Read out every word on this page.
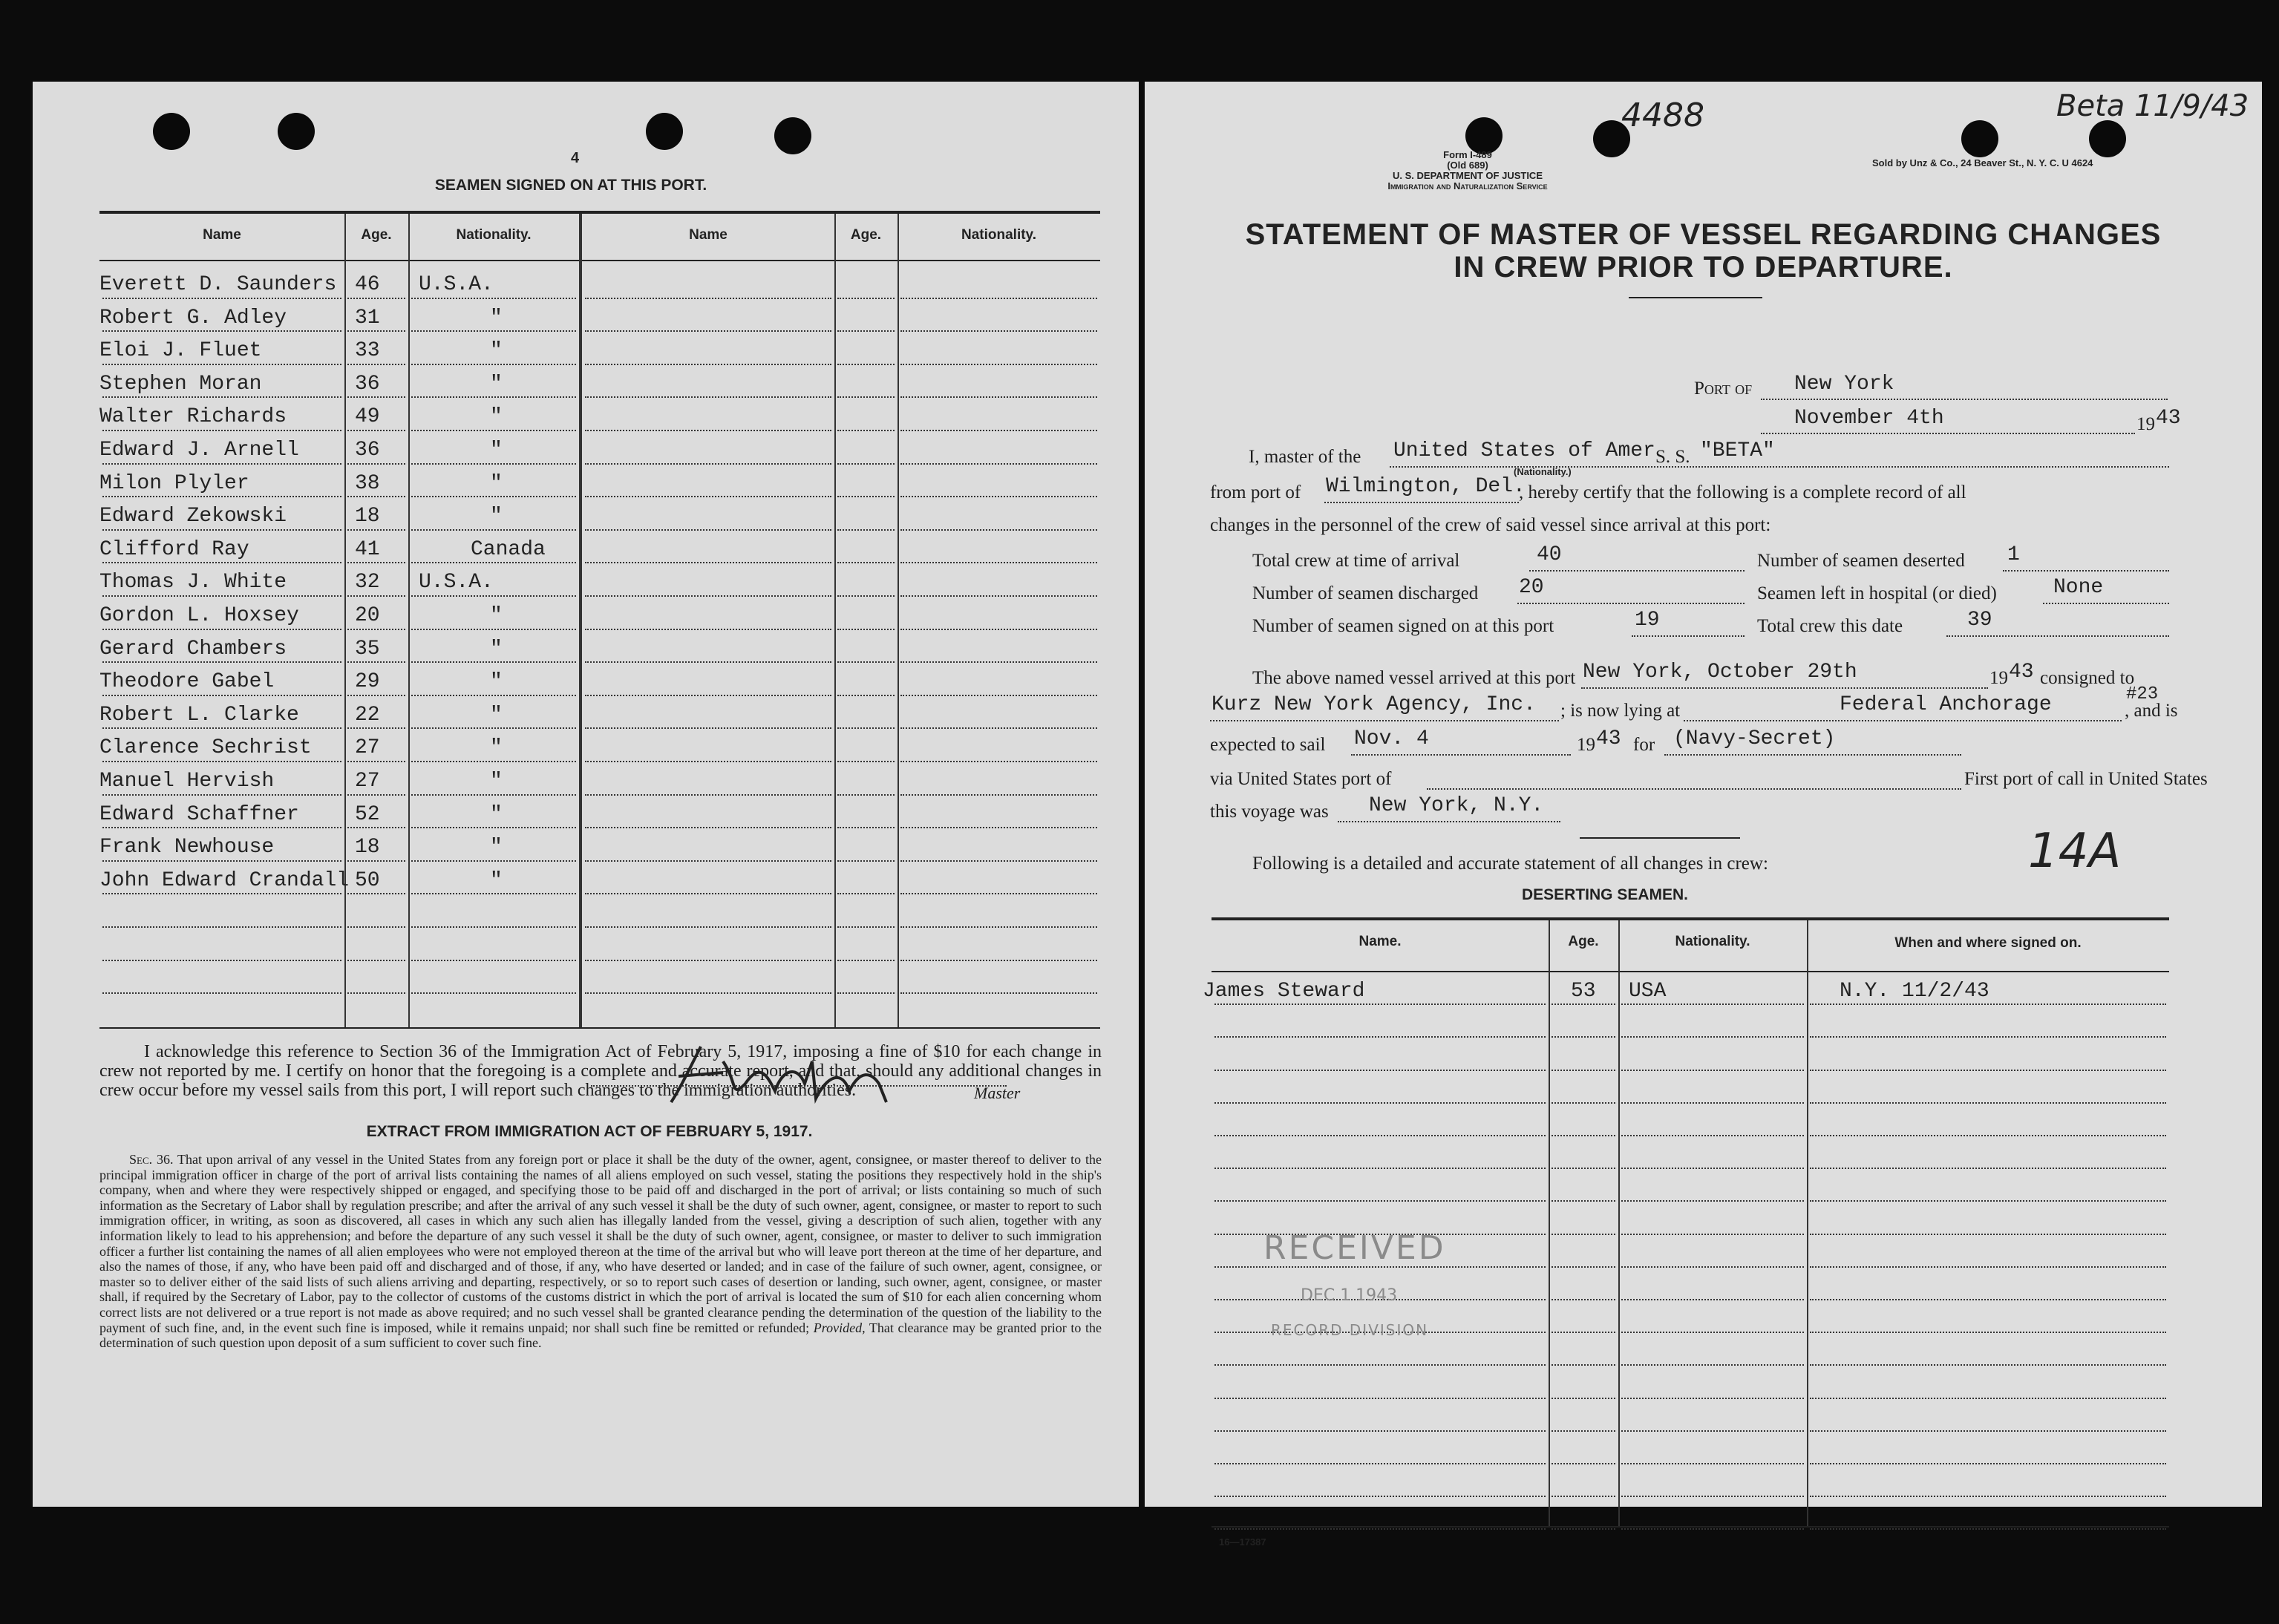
4
SEAMEN SIGNED ON AT THIS PORT.
Name	Age.	Nationality.	Name	Age.	Nationality.
Everett D. Saunders 46 U.S.A.
Robert G. Adley	31	"
Eloi J. Fluet	33	"
Stephen Moran	36	"
Walter Richards	49	"
Edward J. Arnell	36	"
Milon Plyler	38	"
Edward Zekowski	18	"
Clifford Ray	41	Canada
Thomas J. White	32 U.S.A.
Gordon L. Hoxsey	20	"
Gerard Chambers	35	"
Theodore Gabel	29	"
Robert L. Clarke	22	"
Clarence Sechrist 27	"
Manuel Hervish	27	"
Edward Schaffner	52	"
Frank Newhouse	18	"
John Edward Crandall 50	"
I acknowledge this reference to Section 36 of the Immigration Act of February 5, 1917, imposing a fine of $10 for each change in crew not reported by me. I certify on honor that the foregoing is a complete and accurate report, and that, should any additional changes in crew occur before my vessel sails from this port, I will report such changes to the immigration authorities.	Master
EXTRACT FROM IMMIGRATION ACT OF FEBRUARY 5, 1917.
Sec. 36. That upon arrival of any vessel in the United States from any foreign port or place it shall be the duty of the owner, agent, consignee, or master thereof to deliver to the principal immigration officer in charge of the port of arrival lists containing the names of all aliens employed on such vessel, stating the positions they respectively hold in the ship's company, when and where they were respectively shipped or engaged, and specifying those to be paid off and discharged in the port of arrival; or lists containing so much of such information as the Secretary of Labor shall by regulation prescribe; and after the arrival of any such vessel it shall be the duty of such owner, agent, consignee, or master to report to such immigration officer, in writing, as soon as discovered, all cases in which any such alien has illegally landed from the vessel, giving a description of such alien, together with any information likely to lead to his apprehension; and before the departure of any such vessel it shall be the duty of such owner, agent, consignee, or master to deliver to such immigration officer a further list containing the names of all alien employees who were not employed thereon at the time of the arrival but who will leave port thereon at the time of her departure, and also the names of those, if any, who have been paid off and discharged and of those, if any, who have deserted or landed; and in case of the failure of such owner, agent, consignee, or master so to deliver either of the said lists of such aliens arriving and departing, respectively, or so to report such cases of desertion or landing, such owner, agent, consignee, or master shall, if required by the Secretary of Labor, pay to the collector of customs of the customs district in which the port of arrival is located the sum of $10 for each alien concerning whom correct lists are not delivered or a true report is not made as above required; and no such vessel shall be granted clearance pending the determination of the question of the liability to the payment of such fine, and, in the event such fine is imposed, while it remains unpaid; nor shall such fine be remitted or refunded; Provided, That clearance may be granted prior to the determination of such question upon deposit of a sum sufficient to cover such fine.
4488	Beta 11/9/43
Form I-489
(Old 689)
U. S. DEPARTMENT OF JUSTICE
Immigration and Naturalization Service
Sold by Unz & Co., 24 Beaver St., N. Y. C. U 4624
STATEMENT OF MASTER OF VESSEL REGARDING CHANGES
IN CREW PRIOR TO DEPARTURE.
Port of New York
November 4th	19 43
I, master of the United States of Amer S. S. "BETA"
(Nationality.)
from port of Wilmington, Del.
, hereby certify that the following is a complete record of all
changes in the personnel of the crew of said vessel since arrival at this port:
Total crew at time of arrival	40	Number of seamen deserted 1
Number of seamen discharged 20	Seamen left in hospital (or died)	None
Number of seamen signed on at this port	19	Total crew this date	39
The above named vessel arrived at this port New York, October 29th	19 43 consigned to
Kurz New York Agency, Inc. ; is now lying at	Federal Anchorage	#23
, and is
expected to sail Nov. 4	19 43 for (Navy-Secret)
via United States port of	First port of call in United States
this voyage was New York, N.Y.
Following is a detailed and accurate statement of all changes in crew:	14A
DESERTING SEAMEN.
Name.	Age.	Nationality.	When and where signed on.
James Steward	53 USA	N.Y. 11/2/43
RECEIVED
DEC 1 1943
RECORD DIVISION
16—17387
